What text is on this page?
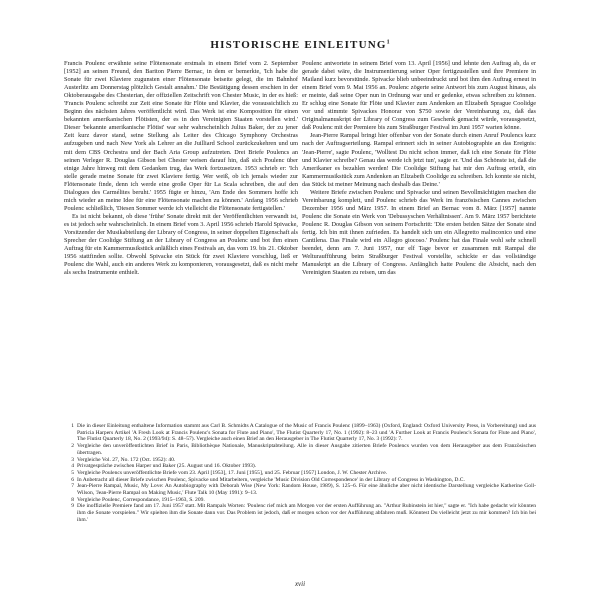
HISTORISCHE EINLEITUNG$^1$

Francis Poulenc erwähnte seine Flötensonate erstmals in einem Brief vom 2. September [1952] an seinen Freund, den Bariton Pierre Bernac, in dem er bemerkte, 'Ich habe die Sonate für zwei Klaviere zugunsten einer Flötensonate beiseite gelegt, die im Bahnhof Austerlitz am Donnerstag plötzlich Gestalt annahm.' Die Bestätigung dessen erschien in der Oktoberausgabe des Chesterian, der offiziellen Zeitschrift von Chester Music, in der es hieß: 'Francis Poulenc schreibt zur Zeit eine Sonate für Flöte und Klavier, die voraussichtlich zu Beginn des nächsten Jahres veröffentlicht wird. Das Werk ist eine Komposition für einen bekannten amerikanischen Flötisten, der es in den Vereinigten Staaten vorstellen wird.' Dieser 'bekannte amerikanische Flötist' war sehr wahrscheinlich Julius Baker, der zu jener Zeit kurz davor stand, seine Stellung als Leiter des Chicago Symphony Orchestras aufzugeben und nach New York als Lehrer an die Juilliard School zurückzukehren und um mit dem CBS Orchestra und der Bach Aria Group aufzutreten. Drei Briefe Poulencs an seinen Verleger R. Douglas Gibson bei Chester weisen darauf hin, daß sich Poulenc über einige Jahre hinweg mit dem Gedanken trug, das Werk fortzusetzen. 1953 schrieb er: 'Ich stelle gerade meine Sonate für zwei Klaviere fertig. Wer weiß, ob ich jemals wieder zur Flötensonate finde, denn ich werde eine große Oper für La Scala schreiben, die auf den Dialogues des Carmélites beruht.' 1955 fügte er hinzu, 'Am Ende des Sommers hoffe ich mich wieder an meine Idee für eine Flötensonate machen zu können.' Anfang 1956 schrieb Poulenc schließlich, 'Diesen Sommer werde ich vielleicht die Flötensonate fertigstellen.'

Es ist nicht bekannt, ob diese 'frühe' Sonate direkt mit der Veröffentlichten verwandt ist, es ist jedoch sehr wahrscheinlich. In einem Brief vom 3. April 1956 schrieb Harold Spivacke, Vorsitzender der Musikabteilung der Library of Congress, in seiner doppelten Eigenschaft als Sprecher der Coolidge Stiftung an der Library of Congress an Poulenc und bot ihm einen Auftrag für ein Kammermusikstück anläßlich eines Festivals an, das vom 19. bis 21. Oktober 1956 stattfinden sollte. Obwohl Spivacke ein Stück für zwei Klaviere vorschlug, ließ er Poulenc die Wahl, auch ein anderes Werk zu komponieren, vorausgesetzt, daß es nicht mehr als sechs Instrumente enthielt.

Poulenc antwortete in seinem Brief vom 13. April [1956] und lehnte den Auftrag ab, da er gerade dabei wäre, die Instrumentierung seiner Oper fertigzustellen und ihre Premiere in Mailand kurz bevorstünde. Spivacke blieb unbeeindruckt und bot ihm den Auftrag erneut in einem Brief vom 9. Mai 1956 an. Poulenc zögerte seine Antwort bis zum August hinaus, als er meinte, daß seine Oper nun in Ordnung war und er gedenke, etwas schreiben zu können. Er schlug eine Sonate für Flöte und Klavier zum Andenken an Elizabeth Sprague Coolidge vor und stimmte Spivackes Honorar von $750 sowie der Vereinbarung zu, daß das Originalmanuskript der Library of Congress zum Geschenk gemacht würde, vorausgesetzt, daß Poulenc mit der Premiere bis zum Straßburger Festival im Juni 1957 warten könne.

Jean-Pierre Rampal bringt hier offenbar von der Sonate durch einen Anruf Poulencs kurz nach der Auftragserteilung. Rampal erinnert sich in seiner Autobiographie an das Ereignis: 'Jean-Pierre', sagte Poulenc, 'Wolltest Du nicht schon immer, daß ich eine Sonate für Flöte und Klavier schreibe? Genau das werde ich jetzt tun', sagte er. 'Und das Schönste ist, daß die Amerikaner es bezahlen werden! Die Coolidge Stiftung hat mir den Auftrag erteilt, ein Kammermusikstück zum Andenken an Elizabeth Coolidge zu schreiben. Ich konnte sie nicht, das Stück ist meiner Meinung nach deshalb das Deine.'

Weitere Briefe zwischen Poulenc und Spivacke und seinen Bevollmächtigten machen die Vereinbarung komplett, und Poulenc schrieb das Werk im französischen Cannes zwischen Dezember 1956 und März 1957. In einem Brief an Bernac vom 8. März [1957] nannte Poulenc die Sonate ein Werk von 'Debussyschen Verhältnissen'. Am 9. März 1957 berichtete Poulenc R. Douglas Gibson von seinem Fortschritt: 'Die ersten beiden Sätze der Sonate sind fertig. Ich bin mit ihnen zufrieden. Es handelt sich um ein Allegretto malinconico und eine Cantilena. Das Finale wird ein Allegro giocoso.' Poulenc hat das Finale wohl sehr schnell beendet, denn am 7. Juni 1957, nur elf Tage bevor er zusammen mit Rampal die Welturaufführung beim Straßburger Festival vorstellte, schickte er das vollständige Manuskript an die Library of Congress. Anfänglich hatte Poulenc die Absicht, nach den Vereinigten Staaten zu reisen, um das

1 Die in dieser Einleitung enthaltene Information stammt aus Carl B. Schmidts A Catalogue of the Music of Francis Poulenc (1899–1963) (Oxford, England: Oxford University Press, in Vorbereitung) und aus Patricia Harpers Artikel 'A Fresh Look at Francis Poulenc's Sonata for Flute and Piano', The Flutist Quarterly 17, No. 1 (1992): 8–23 und 'A Further Look at Francis Poulenc's Sonata for Flute and Piano', The Flutist Quarterly 18, No. 2 (1993/94): S. 48–57). Vergleiche auch einen Brief an den Herausgeber in The Flutist Quarterly 17, No. 3 (1992): 7.
2 Vergleiche den unveröffentlichten Brief in Paris, Bibliothèque Nationale, Manuskriptabteilung. Alle in dieser Ausgabe zitierten Briefe Poulencs wurden von dem Herausgeber aus dem Französischen übertragen.
3 Vergleiche Vol. 27, No. 172 (Oct. 1952): 40.
4 Privatgespräche zwischen Harper und Baker (25. August und 16. Oktober 1993).
5 Vergleiche Poulencs unveröffentlichte Briefe vom 23. April [1953], 17. Juni [1955], und 25. Februar [1957] London, J. W. Chester Archive.
6 In Anbetracht all dieser Briefe zwischen Poulenc, Spivacke und Mitarbeitern, vergleiche 'Music Division Old Correspondence' in der Library of Congress in Washington, D.C.
7 Jean-Pierre Rampal, Music, My Love: An Autobiography with Deborah Wise (New York: Random House, 1989), S. 125–6. Für eine ähnliche aber nicht identische Darstellung vergleiche Katherine Goll-Wilson, 'Jean-Pierre Rampal on Making Music,' Flute Talk 10 (May 1991): 9–13.
8 Vergleiche Poulenc, Correspondance, 1915–1963, S. 209.
9 Die inoffizielle Premiere fand am 17. Juni 1957 statt. Mit Rampals Worten: 'Poulenc rief mich am Morgen vor der ersten Aufführung an. "Arthur Rubinstein ist hier," sagte er. "Ich habe gedacht wir könnten ihm die Sonate vorspielen." Wir spielten ihm die Sonate dann vor. Das Problem ist jedoch, daß er morgen schon vor der Aufführung abfahren muß. Könntest Du vielleicht jetzt zu mir kommen? Ich bin bei ihm.'
xvii
